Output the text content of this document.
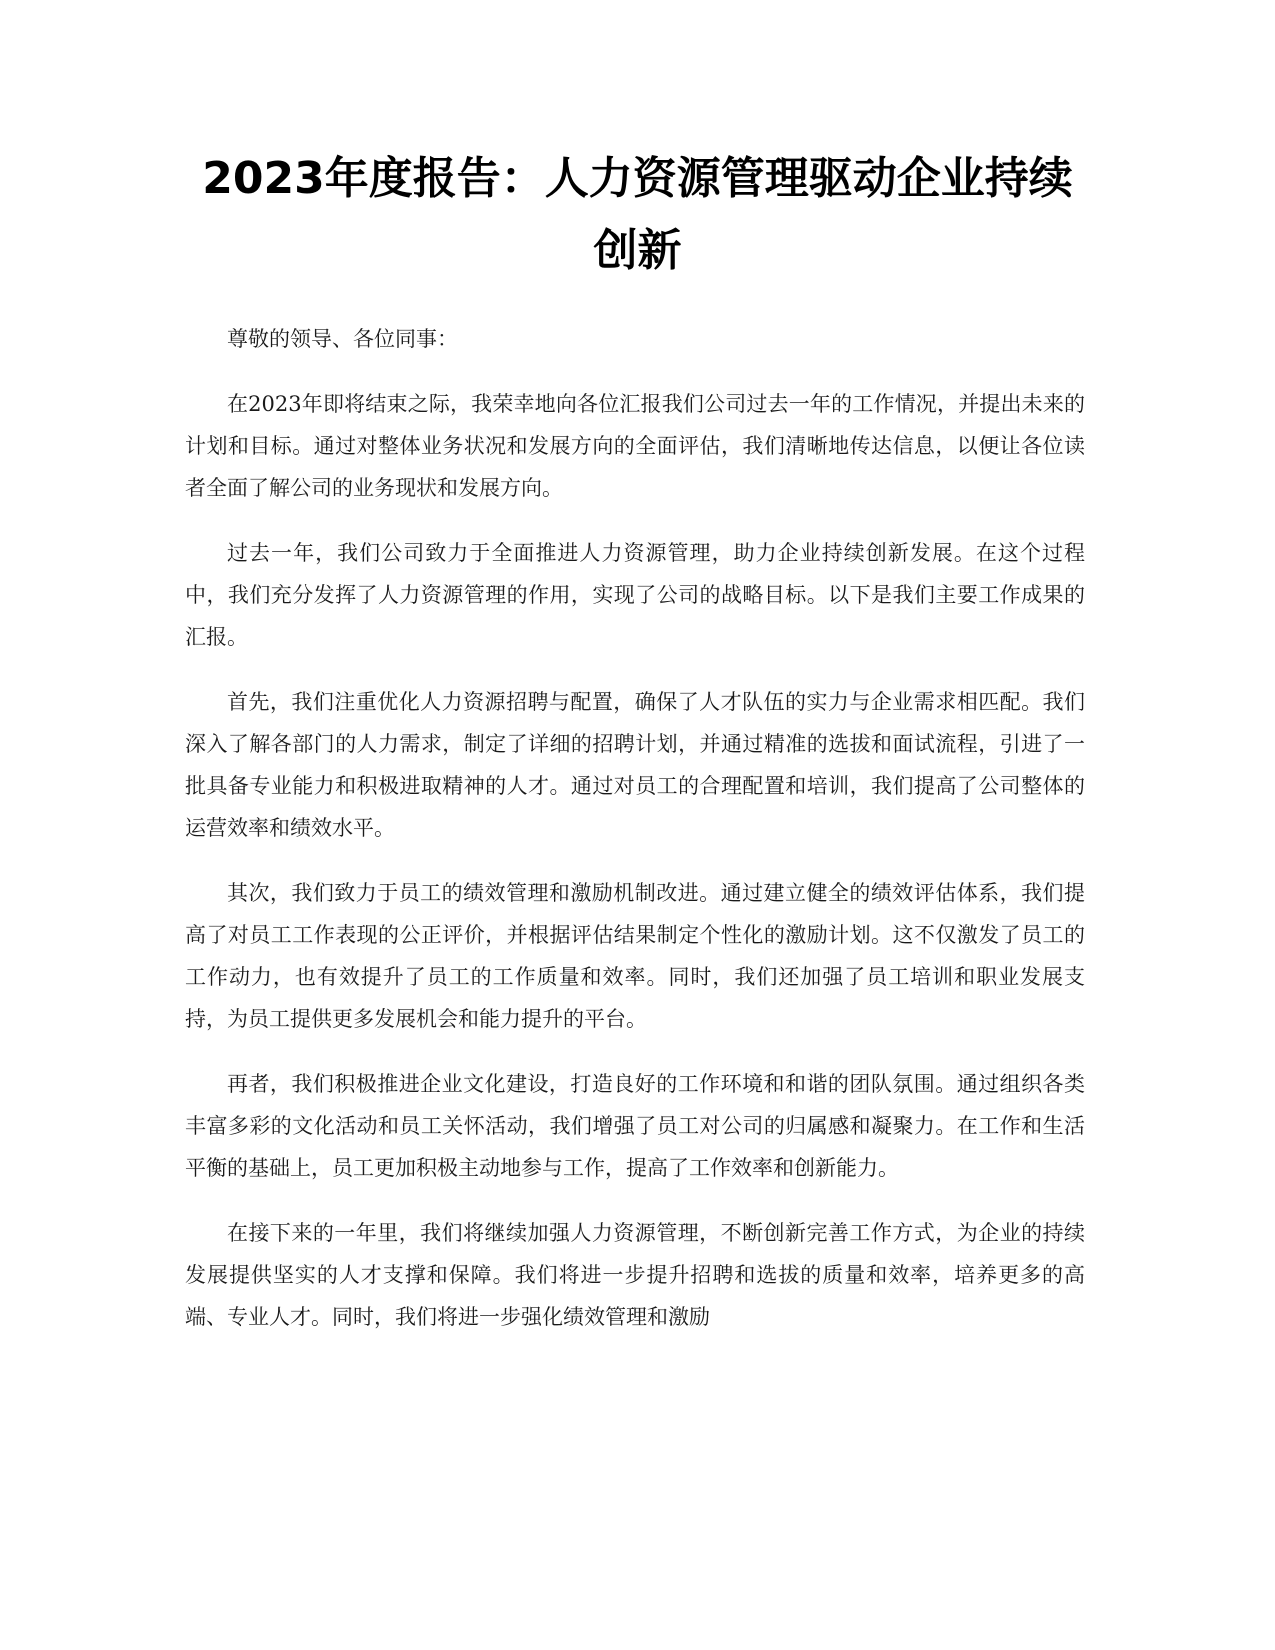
2023年度报告：人力资源管理驱动企业持续
创新

尊敬的领导、各位同事：

在2023年即将结束之际，我荣幸地向各位汇报我们公司过去一年的工作情况，并提出未来的计划和目标。通过对整体业务状况和发展方向的全面评估，我们清晰地传达信息，以便让各位读者全面了解公司的业务现状和发展方向。

过去一年，我们公司致力于全面推进人力资源管理，助力企业持续创新发展。在这个过程中，我们充分发挥了人力资源管理的作用，实现了公司的战略目标。以下是我们主要工作成果的汇报。

首先，我们注重优化人力资源招聘与配置，确保了人才队伍的实力与企业需求相匹配。我们深入了解各部门的人力需求，制定了详细的招聘计划，并通过精准的选拔和面试流程，引进了一批具备专业能力和积极进取精神的人才。通过对员工的合理配置和培训，我们提高了公司整体的运营效率和绩效水平。

其次，我们致力于员工的绩效管理和激励机制改进。通过建立健全的绩效评估体系，我们提高了对员工工作表现的公正评价，并根据评估结果制定个性化的激励计划。这不仅激发了员工的工作动力，也有效提升了员工的工作质量和效率。同时，我们还加强了员工培训和职业发展支持，为员工提供更多发展机会和能力提升的平台。

再者，我们积极推进企业文化建设，打造良好的工作环境和和谐的团队氛围。通过组织各类丰富多彩的文化活动和员工关怀活动，我们增强了员工对公司的归属感和凝聚力。在工作和生活平衡的基础上，员工更加积极主动地参与工作，提高了工作效率和创新能力。

在接下来的一年里，我们将继续加强人力资源管理，不断创新完善工作方式，为企业的持续发展提供坚实的人才支撑和保障。我们将进一步提升招聘和选拔的质量和效率，培养更多的高端、专业人才。同时，我们将进一步强化绩效管理和激励
